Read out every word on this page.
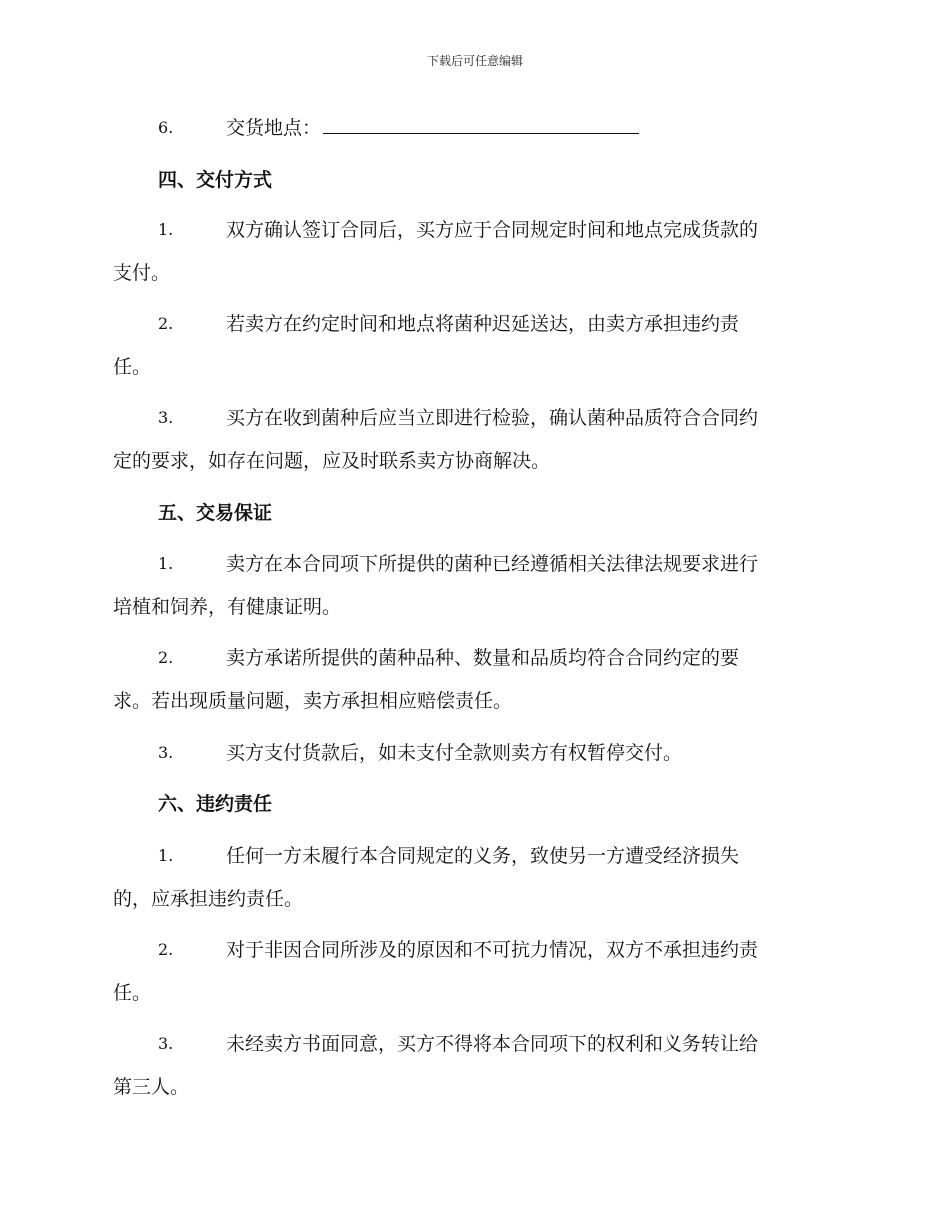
下载后可任意编辑
6.	交货地点：
四、交付方式
1.	双方确认签订合同后，买方应于合同规定时间和地点完成货款的
支付。
2.	若卖方在约定时间和地点将菌种迟延送达，由卖方承担违约责
任。
3.	买方在收到菌种后应当立即进行检验，确认菌种品质符合合同约
定的要求，如存在问题，应及时联系卖方协商解决。
五、交易保证
1.	卖方在本合同项下所提供的菌种已经遵循相关法律法规要求进行
培植和饲养，有健康证明。
2.	卖方承诺所提供的菌种品种、数量和品质均符合合同约定的要
求。若出现质量问题，卖方承担相应赔偿责任。
3.	买方支付货款后，如未支付全款则卖方有权暂停交付。
六、违约责任
1.	任何一方未履行本合同规定的义务，致使另一方遭受经济损失
的，应承担违约责任。
2.	对于非因合同所涉及的原因和不可抗力情况，双方不承担违约责
任。
3.	未经卖方书面同意，买方不得将本合同项下的权利和义务转让给
第三人。
